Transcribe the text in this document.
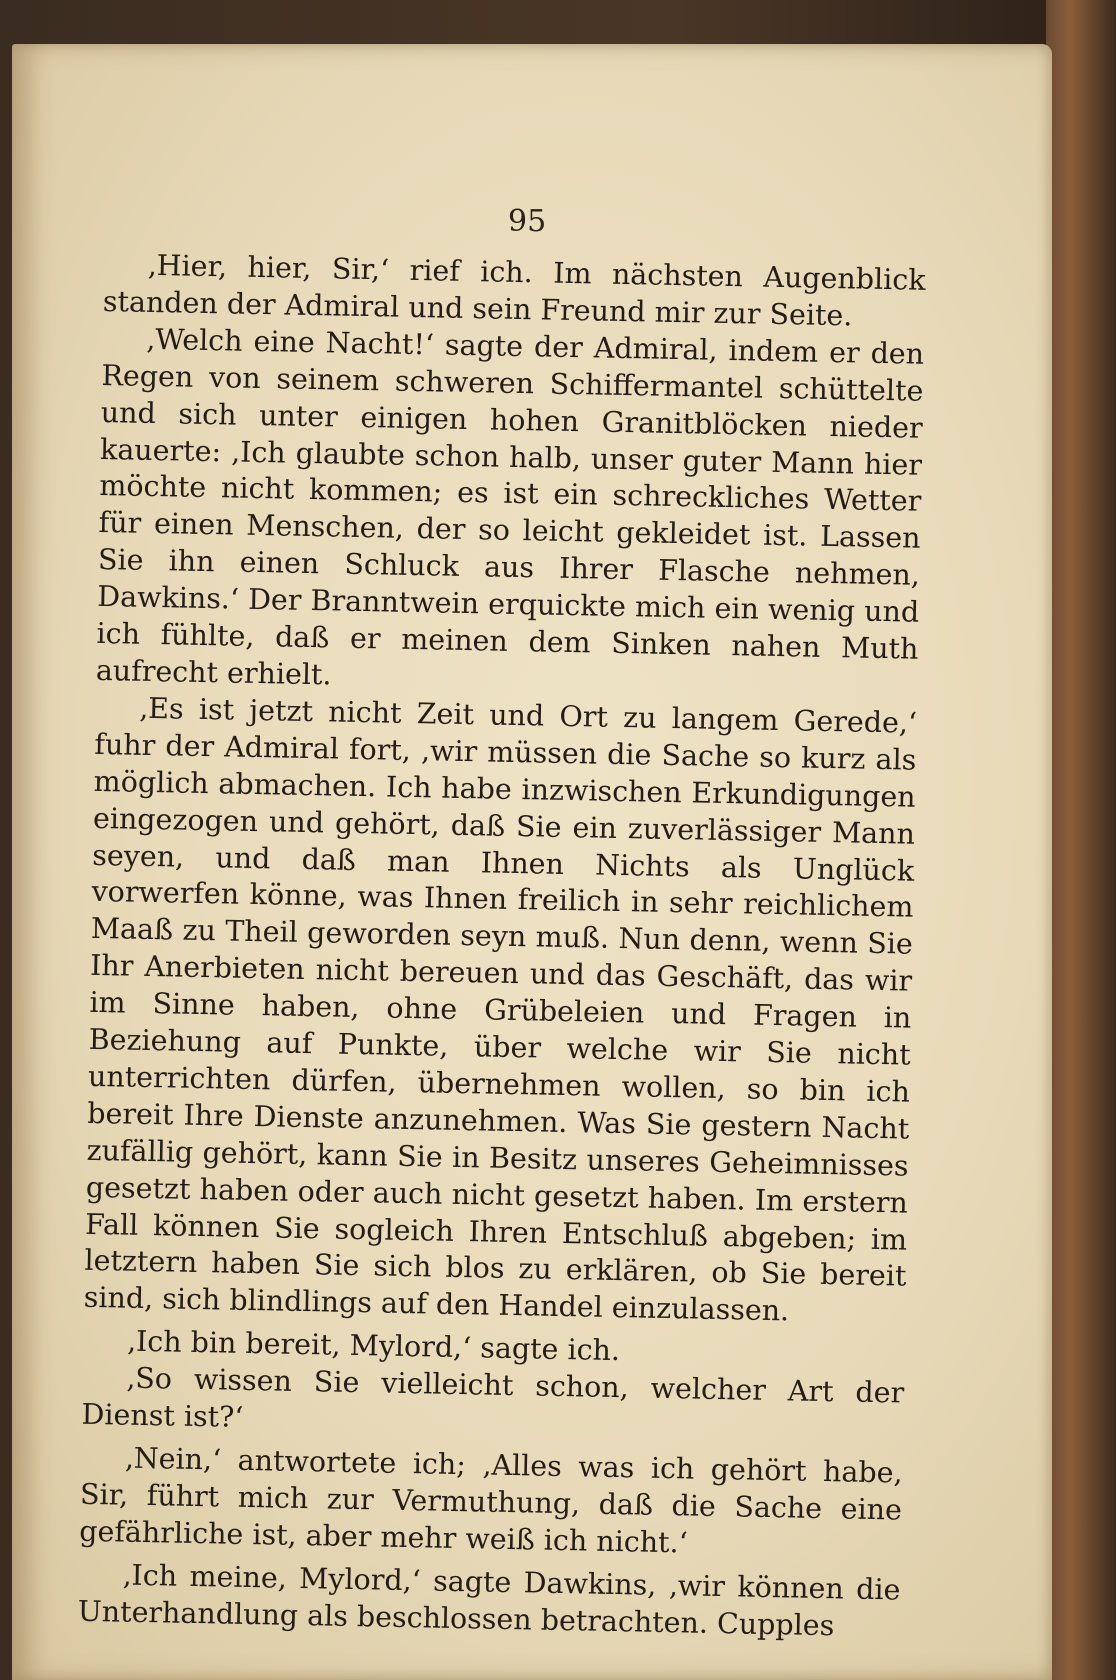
95

‚Hier, hier, Sir,‘ rief ich. Im nächsten Augenblick standen der Admiral und sein Freund mir zur Seite.

‚Welch eine Nacht!‘ sagte der Admiral, indem er den Regen von seinem schweren Schiffermantel schüttelte und sich unter einigen hohen Granitblöcken nieder kauerte: ‚Ich glaubte schon halb, unser guter Mann hier möchte nicht kommen; es ist ein schreckliches Wetter für einen Menschen, der so leicht gekleidet ist. Lassen Sie ihn einen Schluck aus Ihrer Flasche nehmen, Dawkins.‘ Der Branntwein erquickte mich ein wenig und ich fühlte, daß er meinen dem Sinken nahen Muth aufrecht erhielt.

‚Es ist jetzt nicht Zeit und Ort zu langem Gerede,‘ fuhr der Admiral fort, ‚wir müssen die Sache so kurz als möglich abmachen. Ich habe inzwischen Erkundigungen eingezogen und gehört, daß Sie ein zuverlässiger Mann seyen, und daß man Ihnen Nichts als Unglück vorwerfen könne, was Ihnen freilich in sehr reichlichem Maaß zu Theil geworden seyn muß. Nun denn, wenn Sie Ihr Anerbieten nicht bereuen und das Geschäft, das wir im Sinne haben, ohne Grübeleien und Fragen in Beziehung auf Punkte, über welche wir Sie nicht unterrichten dürfen, übernehmen wollen, so bin ich bereit Ihre Dienste anzunehmen. Was Sie gestern Nacht zufällig gehört, kann Sie in Besitz unseres Geheimnisses gesetzt haben oder auch nicht gesetzt haben. Im erstern Fall können Sie sogleich Ihren Entschluß abgeben; im letztern haben Sie sich blos zu erklären, ob Sie bereit sind, sich blindlings auf den Handel einzulassen.

‚Ich bin bereit, Mylord,‘ sagte ich.

‚So wissen Sie vielleicht schon, welcher Art der Dienst ist?‘

‚Nein,‘ antwortete ich; ‚Alles was ich gehört habe, Sir, führt mich zur Vermuthung, daß die Sache eine gefährliche ist, aber mehr weiß ich nicht.‘

‚Ich meine, Mylord,‘ sagte Dawkins, ‚wir können die Unterhandlung als beschlossen betrachten. Cupples
